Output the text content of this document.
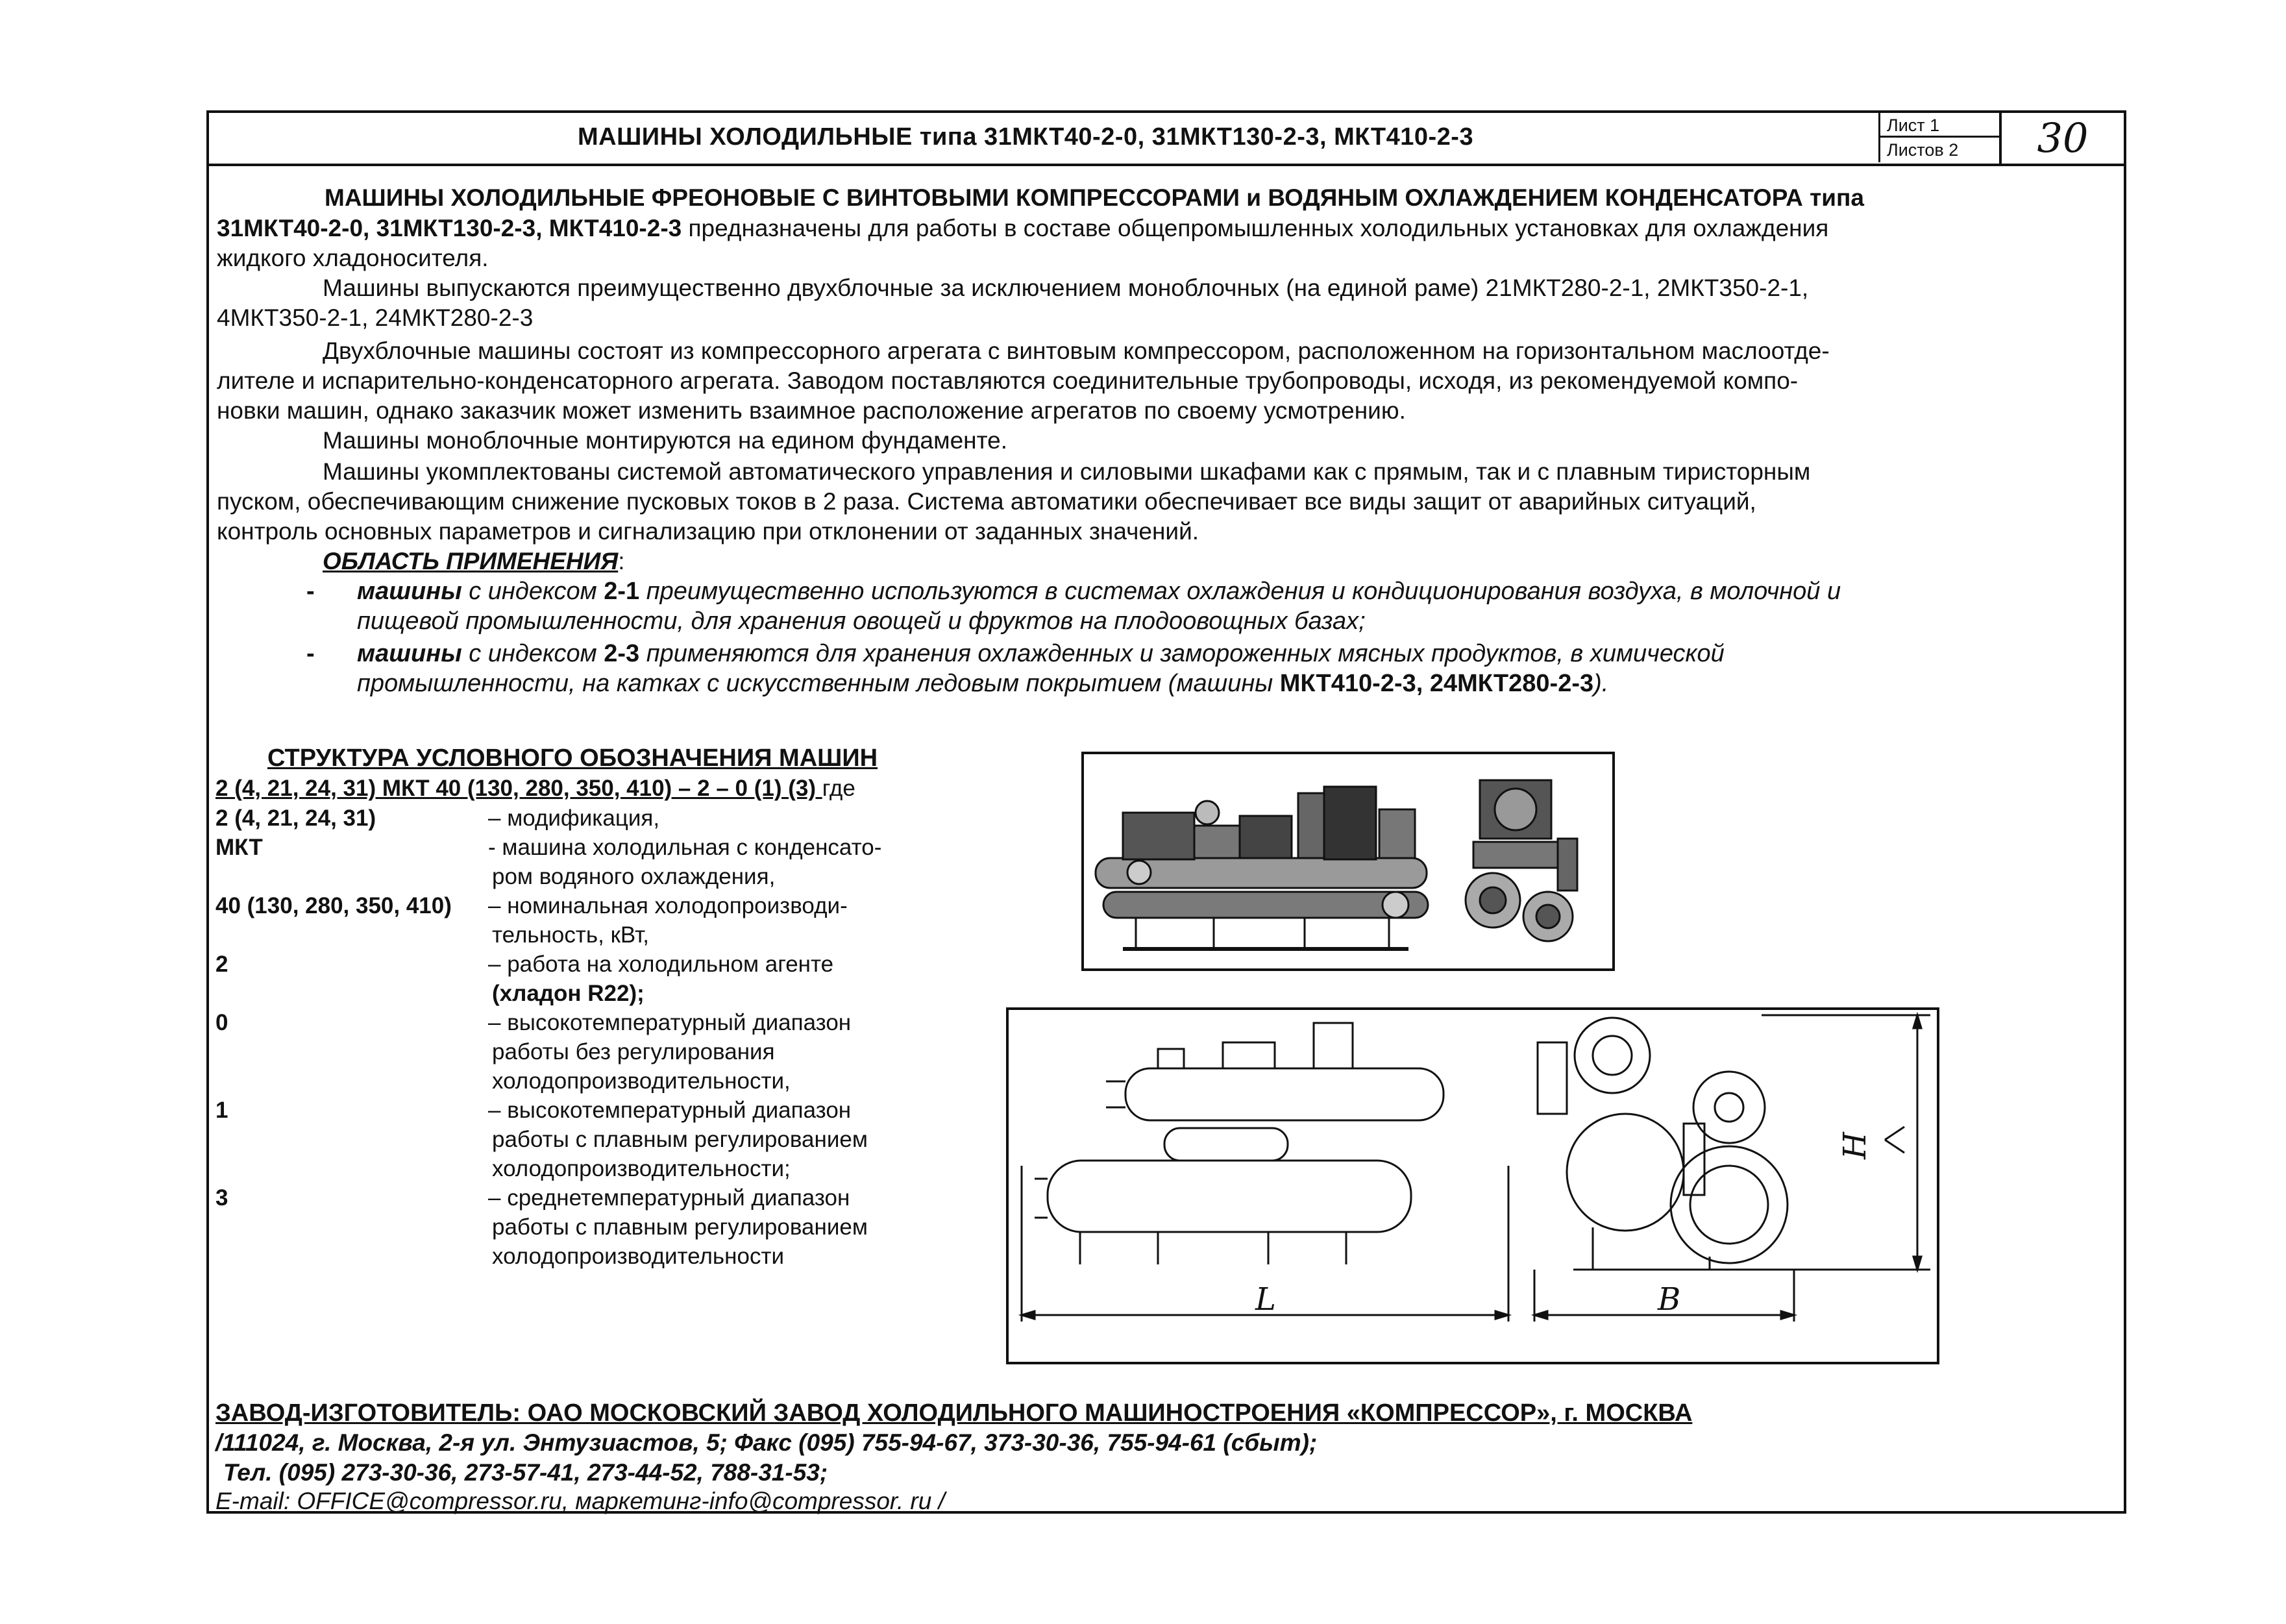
МАШИНЫ ХОЛОДИЛЬНЫЕ типа 31МКТ40-2-0, 31МКТ130-2-3, МКТ410-2-3	Лист 1
Листов 2	30
МАШИНЫ ХОЛОДИЛЬНЫЕ ФРЕОНОВЫЕ С ВИНТОВЫМИ КОМПРЕССОРАМИ и ВОДЯНЫМ ОХЛАЖДЕНИЕМ КОНДЕНСАТОРА типа
31МКТ40-2-0, 31МКТ130-2-3, МКТ410-2-3 предназначены для работы в составе общепромышленных холодильных установках для охлаждения
жидкого хладоносителя.
Машины выпускаются преимущественно двухблочные за исключением моноблочных (на единой раме) 21МКТ280-2-1, 2МКТ350-2-1,
4МКТ350-2-1, 24МКТ280-2-3
Двухблочные машины состоят из компрессорного агрегата с винтовым компрессором, расположенном на горизонтальном маслоотде-
лителе и испарительно-конденсаторного агрегата. Заводом поставляются соединительные трубопроводы, исходя, из рекомендуемой компо-
новки машин, однако заказчик может изменить взаимное расположение агрегатов по своему усмотрению.
Машины моноблочные монтируются на едином фундаменте.
Машины укомплектованы системой автоматического управления и силовыми шкафами как с прямым, так и с плавным тиристорным
пуском, обеспечивающим снижение пусковых токов в 2 раза. Система автоматики обеспечивает все виды защит от аварийных ситуаций,
контроль основных параметров и сигнализацию при отклонении от заданных значений.
ОБЛАСТЬ ПРИМЕНЕНИЯ:
- машины с индексом 2-1 преимущественно используются в системах охлаждения и кондиционирования воздуха, в молочной и
пищевой промышленности, для хранения овощей и фруктов на плодоовощных базах;
- машины с индексом 2-3 применяются для хранения охлажденных и замороженных мясных продуктов, в химической
промышленности, на катках с искусственным ледовым покрытием (машины МКТ410-2-3, 24МКТ280-2-3).
СТРУКТУРА УСЛОВНОГО ОБОЗНАЧЕНИЯ МАШИН
2 (4, 21, 24, 31) МКТ 40 (130, 280, 350, 410) – 2 – 0 (1) (3) где
2 (4, 21, 24, 31)	– модификация,
МКТ	- машина холодильная с конденсато-
ром водяного охлаждения,
40 (130, 280, 350, 410) – номинальная холодопроизводи-
тельность, кВт,
2	– работа на холодильном агенте
(хладон R22);
0	– высокотемпературный диапазон
работы без регулирования
холодопроизводительности,
1	– высокотемпературный диапазон
работы с плавным регулированием
холодопроизводительности;
3	– среднетемпературный диапазон
работы с плавным регулированием
холодопроизводительности
L	B
H
ЗАВОД-ИЗГОТОВИТЕЛЬ: ОАО МОСКОВСКИЙ ЗАВОД ХОЛОДИЛЬНОГО МАШИНОСТРОЕНИЯ «КОМПРЕССОР», г. МОСКВА
/111024, г. Москва, 2-я ул. Энтузиастов, 5; Факс (095) 755-94-67, 373-30-36, 755-94-61 (сбыт);
Тел. (095) 273-30-36, 273-57-41, 273-44-52, 788-31-53;
E-mail: OFFICE@compressor.ru, маркетинг-info@compressor. ru /
